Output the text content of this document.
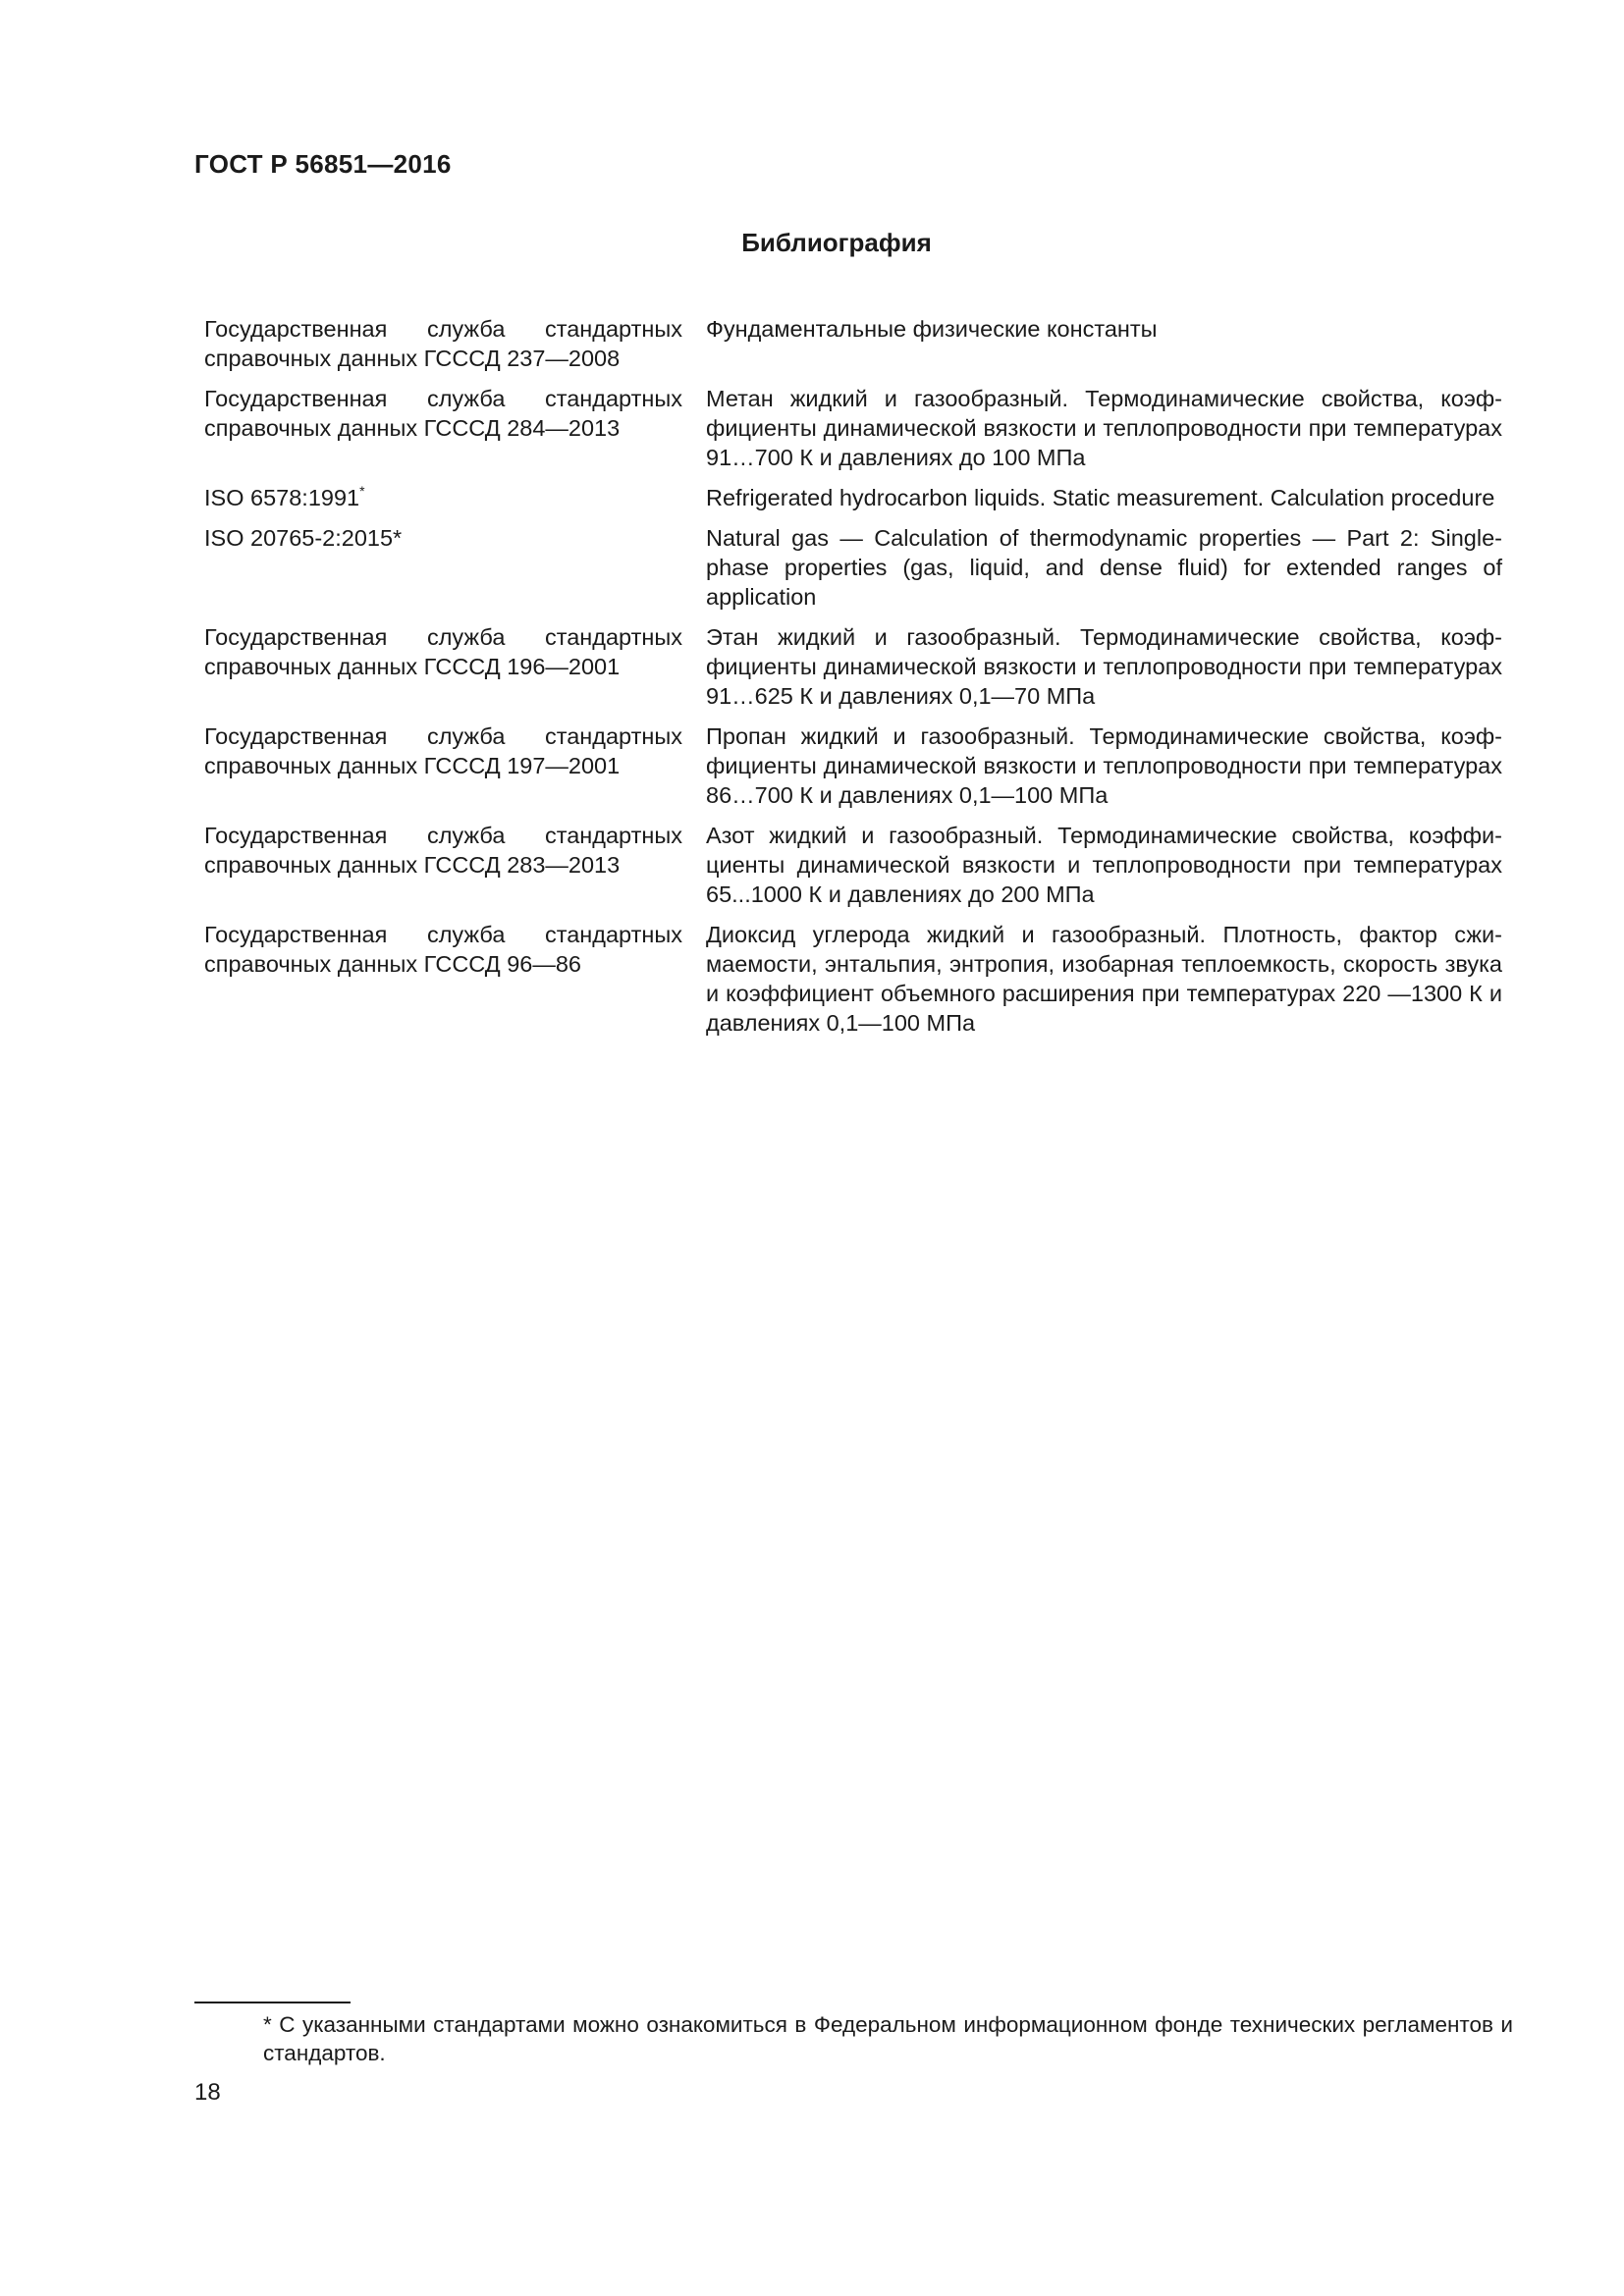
ГОСТ Р 56851—2016
Библиография
Государственная служба стандартных справочных данных ГСССД 237—2008
Фундаментальные физические константы
Государственная служба стандартных справочных данных ГСССД 284—2013
Метан жидкий и газообразный. Термодинамические свойства, коэффициенты динамической вязкости и теплопроводности при температурах 91…700 К и давлениях до 100 МПа
ISO 6578:1991*	Refrigerated hydrocarbon liquids. Static measurement. Calculation procedure
ISO 20765-2:2015*	Natural gas — Calculation of thermodynamic properties — Part 2: Single-phase properties (gas, liquid, and dense fluid) for extended ranges of application
Государственная служба стандартных справочных данных ГСССД 196—2001
Этан жидкий и газообразный. Термодинамические свойства, коэффициенты динамической вязкости и теплопроводности при температурах 91…625 К и давлениях 0,1—70 МПа
Государственная служба стандартных справочных данных ГСССД 197—2001
Пропан жидкий и газообразный. Термодинамические свойства, коэффициенты динамической вязкости и теплопроводности при температурах 86…700 К и давлениях 0,1—100 МПа
Государственная служба стандартных справочных данных ГСССД 283—2013
Азот жидкий и газообразный. Термодинамические свойства, коэффициенты динамической вязкости и теплопроводности при температурах 65...1000 К и давлениях до 200 МПа
Государственная служба стандартных справочных данных ГСССД 96—86
Диоксид углерода жидкий и газообразный. Плотность, фактор сжимаемости, энтальпия, энтропия, изобарная теплоемкость, скорость звука и коэффициент объемного расширения при температурах 220 —1300 К и давлениях 0,1—100 МПа
* С указанными стандартами можно ознакомиться в Федеральном информационном фонде технических регламентов и стандартов.
18
